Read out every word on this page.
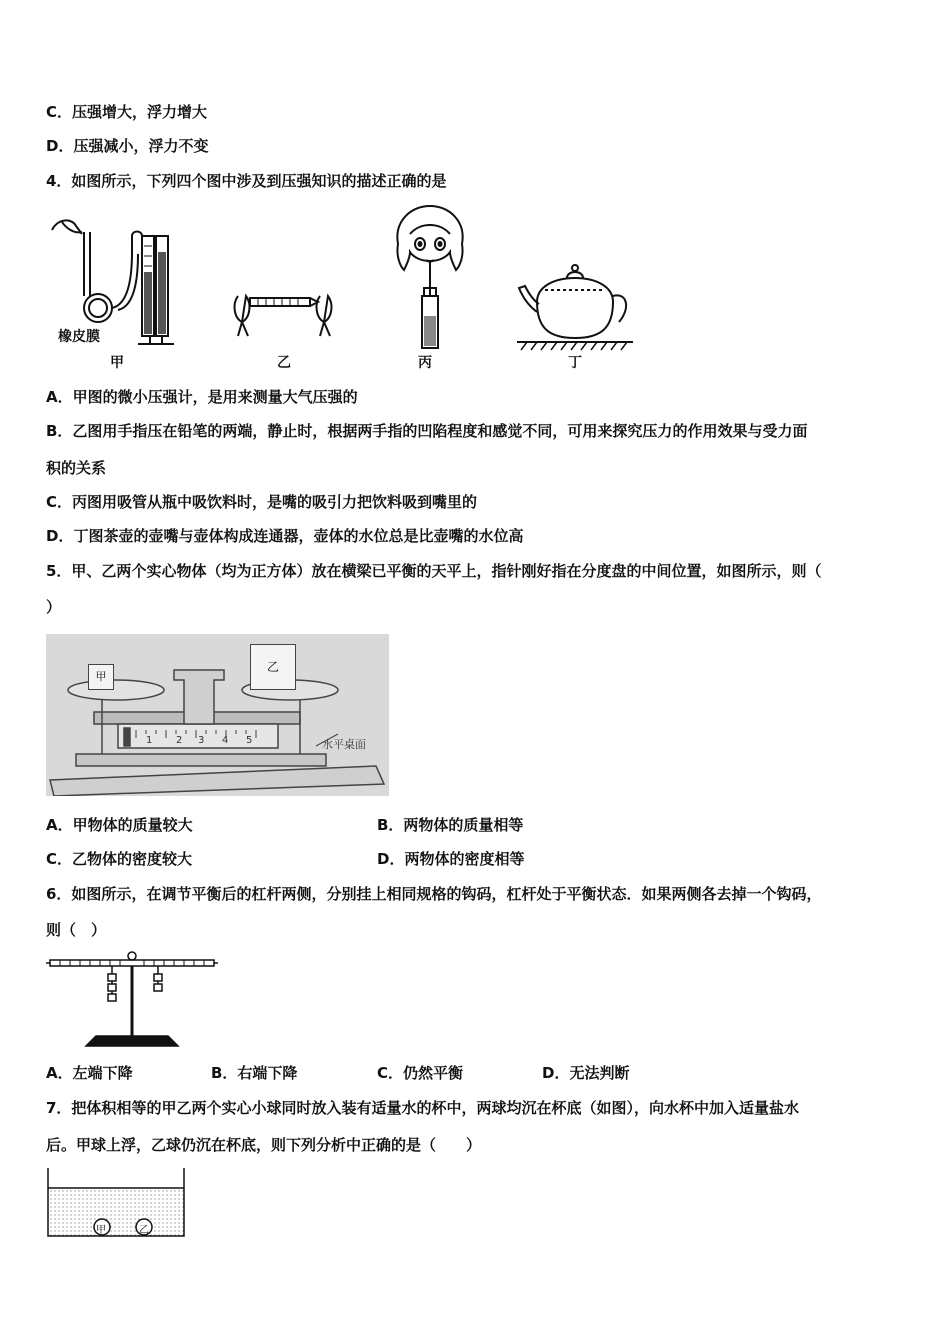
C．压强增大，浮力增大
D．压强减小，浮力不变
4．如图所示，下列四个图中涉及到压强知识的描述正确的是
橡皮膜
甲	乙	丙	丁
A．甲图的微小压强计，是用来测量大气压强的
B．乙图用手指压在铅笔的两端，静止时，根据两手指的凹陷程度和感觉不同，可用来探究压力的作用效果与受力面
积的关系
C．丙图用吸管从瓶中吸饮料时，是嘴的吸引力把饮料吸到嘴里的
D．丁图茶壶的壶嘴与壶体构成连通器，壶体的水位总是比壶嘴的水位高
5．甲、乙两个实心物体（均为正方体）放在横梁已平衡的天平上，指针刚好指在分度盘的中间位置，如图所示，则（
）
甲
乙
1 2 3 4 5	水平桌面
A．甲物体的质量较大	B．两物体的质量相等
C．乙物体的密度较大	D．两物体的密度相等
6．如图所示，在调节平衡后的杠杆两侧，分别挂上相同规格的钩码，杠杆处于平衡状态．如果两侧各去掉一个钩码，
则（　）
A．左端下降	B．右端下降	C．仍然平衡	D．无法判断
7．把体积相等的甲乙两个实心小球同时放入装有适量水的杯中，两球均沉在杯底（如图），向水杯中加入适量盐水
后。甲球上浮，乙球仍沉在杯底，则下列分析中正确的是（　　）
甲	乙
